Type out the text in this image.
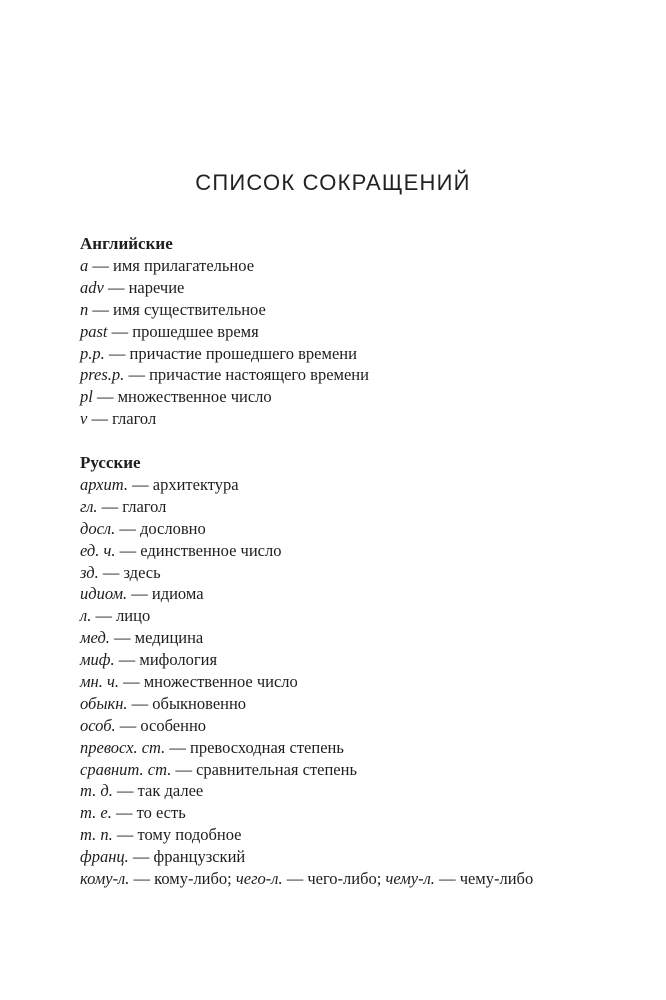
СПИСОК СОКРАЩЕНИЙ
Английские
a — имя прилагательное
adv — наречие
n — имя существительное
past — прошедшее время
p.p. — причастие прошедшего времени
pres.p. — причастие настоящего времени
pl — множественное число
v — глагол
Русские
архит. — архитектура
гл. — глагол
досл. — дословно
ед. ч. — единственное число
зд. — здесь
идиом. — идиома
л. — лицо
мед. — медицина
миф. — мифология
мн. ч. — множественное число
обыкн. — обыкновенно
особ. — особенно
превосх. ст. — превосходная степень
сравнит. ст. — сравнительная степень
т. д. — так далее
т. е. — то есть
т. п. — тому подобное
франц. — французский
кому-л. — кому-либо; чего-л. — чего-либо; чему-л. — чему-либо
